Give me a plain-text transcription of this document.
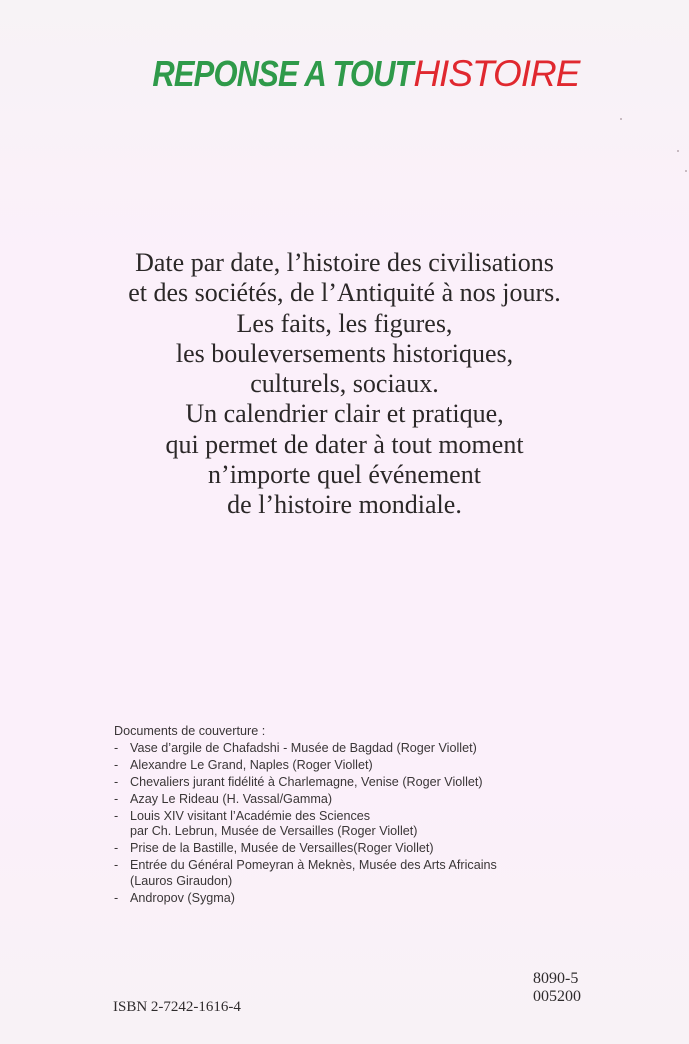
REPONSE A TOUT HISTOIRE
Date par date, l’histoire des civilisations
et des sociétés, de l’Antiquité à nos jours.
Les faits, les figures,
les bouleversements historiques,
culturels, sociaux.
Un calendrier clair et pratique,
qui permet de dater à tout moment
n’importe quel événement
de l’histoire mondiale.
Documents de couverture :
- Vase d’argile de Chafadshi - Musée de Bagdad (Roger Viollet)
- Alexandre Le Grand, Naples (Roger Viollet)
- Chevaliers jurant fidélité à Charlemagne, Venise (Roger Viollet)
- Azay Le Rideau (H. Vassal/Gamma)
- Louis XIV visitant l’Académie des Sciences
par Ch. Lebrun, Musée de Versailles (Roger Viollet)
- Prise de la Bastille, Musée de Versailles(Roger Viollet)
- Entrée du Général Pomeyran à Meknès, Musée des Arts Africains
(Lauros Giraudon)
- Andropov (Sygma)
ISBN 2-7242-1616-4
8090-5
005200
